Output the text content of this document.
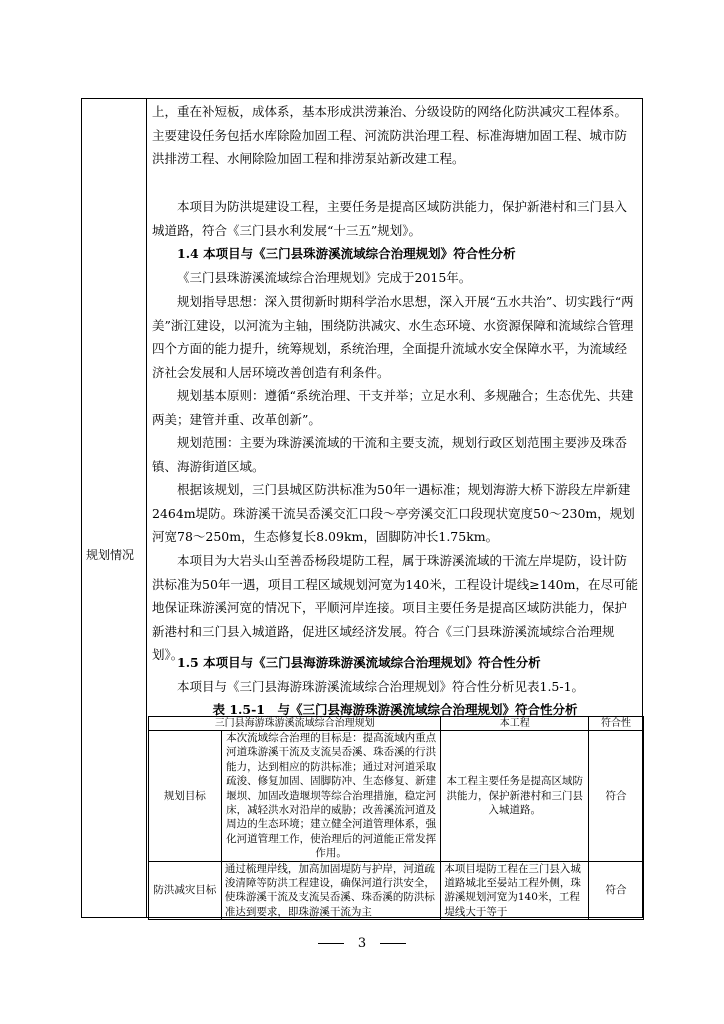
规划情况
上，重在补短板，成体系，基本形成洪涝兼治、分级设防的网络化防洪减灾工程体系。主要建设任务包括水库除险加固工程、河流防洪治理工程、标准海塘加固工程、城市防洪排涝工程、水闸除险加固工程和排涝泵站新改建工程。
本项目为防洪堤建设工程，主要任务是提高区域防洪能力，保护新港村和三门县入城道路，符合《三门县水利发展“十三五”规划》。
1.4 本项目与《三门县珠游溪流域综合治理规划》符合性分析
《三门县珠游溪流域综合治理规划》完成于2015年。
规划指导思想：深入贯彻新时期科学治水思想，深入开展“五水共治”、切实践行“两美”浙江建设，以河流为主轴，围绕防洪减灾、水生态环境、水资源保障和流域综合管理四个方面的能力提升，统筹规划，系统治理，全面提升流域水安全保障水平，为流域经济社会发展和人居环境改善创造有利条件。
规划基本原则：遵循“系统治理、干支并举；立足水利、多规融合；生态优先、共建两美；建管并重、改革创新”。
规划范围：主要为珠游溪流域的干流和主要支流，规划行政区划范围主要涉及珠岙镇、海游街道区域。
根据该规划，三门县城区防洪标准为50年一遇标准；规划海游大桥下游段左岸新建2464m堤防。珠游溪干流吴岙溪交汇口段～亭旁溪交汇口段现状宽度50～230m，规划河宽78～250m，生态修复长8.09km，固脚防冲长1.75km。
本项目为大岩头山至善岙杨段堤防工程，属于珠游溪流域的干流左岸堤防，设计防洪标准为50年一遇，项目工程区域规划河宽为140米，工程设计堤线≥140m，在尽可能地保证珠游溪河宽的情况下，平顺河岸连接。项目主要任务是提高区域防洪能力，保护新港村和三门县入城道路，促进区域经济发展。符合《三门县珠游溪流域综合治理规划》。
1.5 本项目与《三门县海游珠游溪流域综合治理规划》符合性分析
本项目与《三门县海游珠游溪流域综合治理规划》符合性分析见表1.5-1。
表 1.5-1　与《三门县海游珠游溪流域综合治理规划》符合性分析
三门县海游珠游溪流域综合治理规划		本工程	符合性
规划目标	本次流域综合治理的目标是：提高流域内重点河道珠游溪干流及支流吴岙溪、珠岙溪的行洪能力，达到相应的防洪标准；通过对河道采取疏浚、修复加固、固脚防冲、生态修复、新建堰坝、加固改造堰坝等综合治理措施，稳定河床，减轻洪水对沿岸的威胁；改善溪流河道及周边的生态环境；建立健全河道管理体系，强化河道管理工作，使治理后的河道能正常发挥作用。	本工程主要任务是提高区域防洪能力，保护新港村和三门县入城道路。	符合
防洪减灾目标	通过梳理岸线，加高加固堤防与护岸，河道疏浚清障等防洪工程建设，确保河道行洪安全，使珠游溪干流及支流吴岙溪、珠岙溪的防洪标准达到要求，即珠游溪干流为主	本项目堤防工程在三门县入城道路城北至晏站工程外侧，珠游溪规划河宽为140米，工程堤线大于等于	符合
3
